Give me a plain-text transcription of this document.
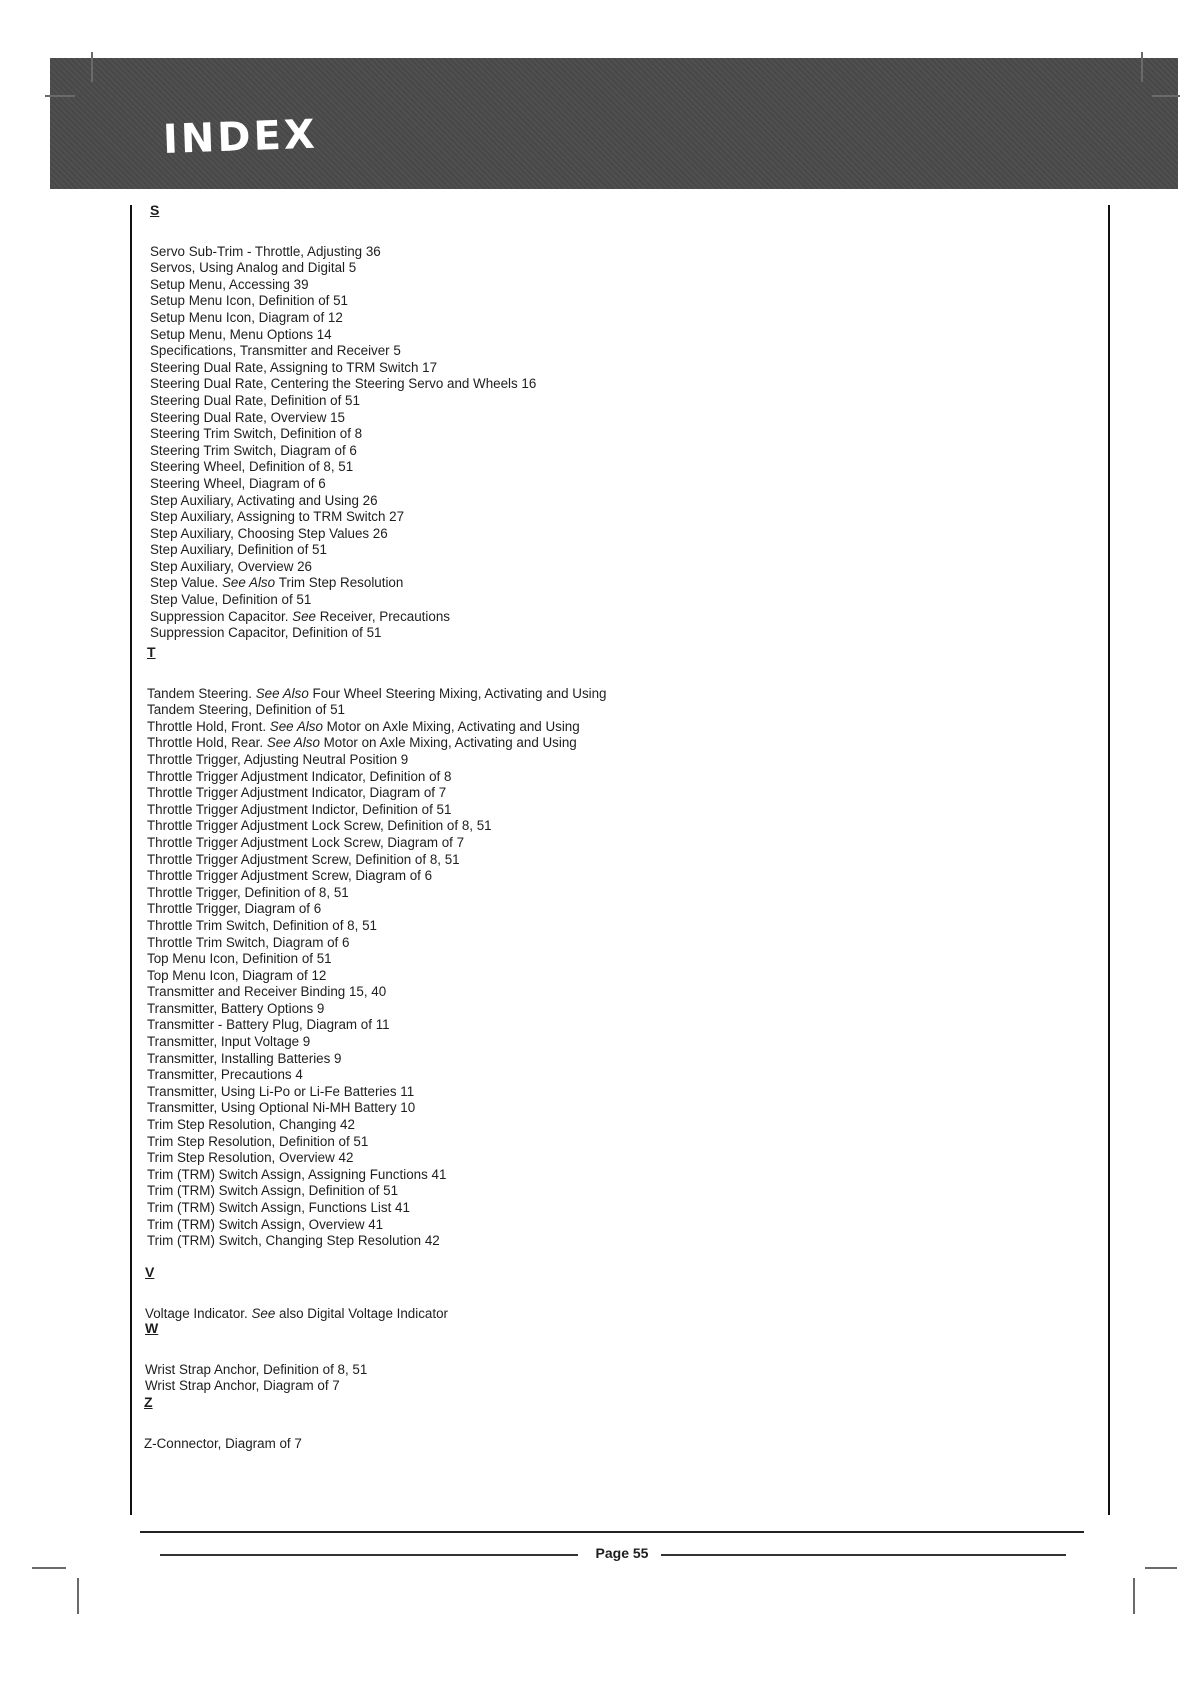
INDEX
S
Servo Sub-Trim - Throttle, Adjusting 36
Servos, Using Analog and Digital 5
Setup Menu, Accessing 39
Setup Menu Icon, Definition of 51
Setup Menu Icon, Diagram of 12
Setup Menu, Menu Options 14
Specifications, Transmitter and Receiver 5
Steering Dual Rate, Assigning to TRM Switch 17
Steering Dual Rate, Centering the Steering Servo and Wheels 16
Steering Dual Rate, Definition of 51
Steering Dual Rate, Overview 15
Steering Trim Switch, Definition of 8
Steering Trim Switch, Diagram of 6
Steering Wheel, Definition of 8, 51
Steering Wheel, Diagram of 6
Step Auxiliary, Activating and Using 26
Step Auxiliary, Assigning to TRM Switch 27
Step Auxiliary, Choosing Step Values 26
Step Auxiliary, Definition of 51
Step Auxiliary, Overview 26
Step Value. See Also Trim Step Resolution
Step Value, Definition of 51
Suppression Capacitor. See Receiver, Precautions
Suppression Capacitor, Definition of 51
T
Tandem Steering. See Also Four Wheel Steering Mixing, Activating and Using
Tandem Steering, Definition of 51
Throttle Hold, Front. See Also Motor on Axle Mixing, Activating and Using
Throttle Hold, Rear. See Also Motor on Axle Mixing, Activating and Using
Throttle Trigger, Adjusting Neutral Position 9
Throttle Trigger Adjustment Indicator, Definition of 8
Throttle Trigger Adjustment Indicator, Diagram of 7
Throttle Trigger Adjustment Indictor, Definition of 51
Throttle Trigger Adjustment Lock Screw, Definition of 8, 51
Throttle Trigger Adjustment Lock Screw, Diagram of 7
Throttle Trigger Adjustment Screw, Definition of 8, 51
Throttle Trigger Adjustment Screw, Diagram of 6
Throttle Trigger, Definition of 8, 51
Throttle Trigger, Diagram of 6
Throttle Trim Switch, Definition of 8, 51
Throttle Trim Switch, Diagram of 6
Top Menu Icon, Definition of 51
Top Menu Icon, Diagram of 12
Transmitter and Receiver Binding 15, 40
Transmitter, Battery Options 9
Transmitter - Battery Plug, Diagram of 11
Transmitter, Input Voltage 9
Transmitter, Installing Batteries 9
Transmitter, Precautions 4
Transmitter, Using Li-Po or Li-Fe Batteries 11
Transmitter, Using Optional Ni-MH Battery 10
Trim Step Resolution, Changing 42
Trim Step Resolution, Definition of 51
Trim Step Resolution, Overview 42
Trim (TRM) Switch Assign, Assigning Functions 41
Trim (TRM) Switch Assign, Definition of 51
Trim (TRM) Switch Assign, Functions List 41
Trim (TRM) Switch Assign, Overview 41
Trim (TRM) Switch, Changing Step Resolution 42
V
Voltage Indicator. See also Digital Voltage Indicator
W
Wrist Strap Anchor, Definition of 8, 51
Wrist Strap Anchor, Diagram of 7
Z
Z-Connector, Diagram of 7
Page 55
